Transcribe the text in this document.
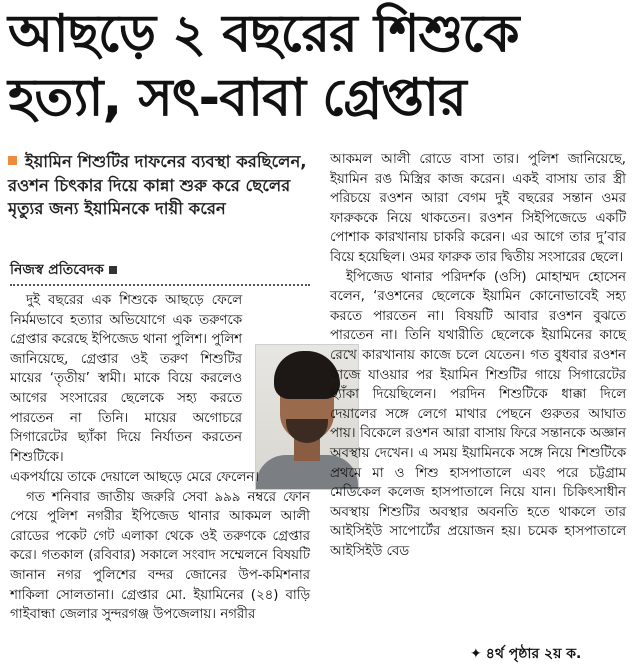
আছড়ে ২ বছরের শিশুকে
হত্যা, সৎ-বাবা গ্রেপ্তার
ইয়ামিন শিশুটির দাফনের ব্যবস্থা করছিলেন, রওশন চিৎকার দিয়ে কান্না শুরু করে ছেলের মৃত্যুর জন্য ইয়ামিনকে দায়ী করেন
নিজস্ব প্রতিবেদক

দুই বছরের এক শিশুকে আছড়ে ফেলে নির্মমভাবে হত্যার অভিযোগে এক তরুণকে গ্রেপ্তার করেছে ইপিজেড থানা পুলিশ। পুলিশ জানিয়েছে, গ্রেপ্তার ওই তরুণ শিশুটির মায়ের ‘তৃতীয়’ স্বামী। মাকে বিয়ে করলেও আগের সংসারের ছেলেকে সহ্য করতে পারতেন না তিনি। মায়ের অগোচরে সিগারেটের ছ্যাঁকা দিয়ে নির্যাতন করতেন শিশুটিকে।

একপর্যায়ে তাকে দেয়ালে আছড়ে মেরে ফেলেন।

গত শনিবার জাতীয় জরুরি সেবা ৯৯৯ নম্বরে ফোন পেয়ে পুলিশ নগরীর ইপিজেড থানার আকমল আলী রোডের পকেট গেট এলাকা থেকে ওই তরুণকে গ্রেপ্তার করে। গতকাল (রবিবার) সকালে সংবাদ সম্মেলনে বিষয়টি জানান নগর পুলিশের বন্দর জোনের উপ-কমিশনার শাকিলা সোলতানা। গ্রেপ্তার মো. ইয়ামিনের (২৪) বাড়ি গাইবান্ধা জেলার সুন্দরগঞ্জ উপজেলায়। নগরীর

আকমল আলী রোডে বাসা তার। পুলিশ জানিয়েছে, ইয়ামিন রঙ মিস্ত্রির কাজ করেন। একই বাসায় তার স্ত্রী পরিচয়ে রওশন আরা বেগম দুই বছরের সন্তান ওমর ফারুককে নিয়ে থাকতেন। রওশন সিইপিজেডে একটি পোশাক কারখানায় চাকরি করেন। এর আগে তার দু’বার বিয়ে হয়েছিল। ওমর ফারুক তার দ্বিতীয় সংসারের ছেলে।

ইপিজেড থানার পরিদর্শক (ওসি) মোহাম্মদ হোসেন বলেন, ‘রওশনের ছেলেকে ইয়ামিন কোনোভাবেই সহ্য করতে পারতেন না। বিষয়টি আবার রওশন বুঝতে পারতেন না। তিনি যথারীতি ছেলেকে ইয়ামিনের কাছে রেখে কারখানায় কাজে চলে যেতেন। গত বুধবার রওশন কাজে যাওয়ার পর ইয়ামিন শিশুটির গায়ে সিগারেটের ছ্যাঁকা দিয়েছিলেন। পরদিন শিশুটিকে ধাক্কা দিলে দেয়ালের সঙ্গে লেগে মাথার পেছনে গুরুতর আঘাত পায়। বিকেলে রওশন আরা বাসায় ফিরে সন্তানকে অজ্ঞান অবস্থায় দেখেন। এ সময় ইয়ামিনকে সঙ্গে নিয়ে শিশুটিকে প্রথমে মা ও শিশু হাসপাতালে এবং পরে চট্টগ্রাম মেডিকেল কলেজ হাসপাতালে নিয়ে যান। চিকিৎসাধীন অবস্থায় শিশুটির অবস্থার অবনতি হতে থাকলে তার আইসিইউ সাপোর্টের প্রয়োজন হয়। চমেক হাসপাতালে আইসিইউ বেড

✦ ৪র্থ পৃষ্ঠার ২য় ক.
